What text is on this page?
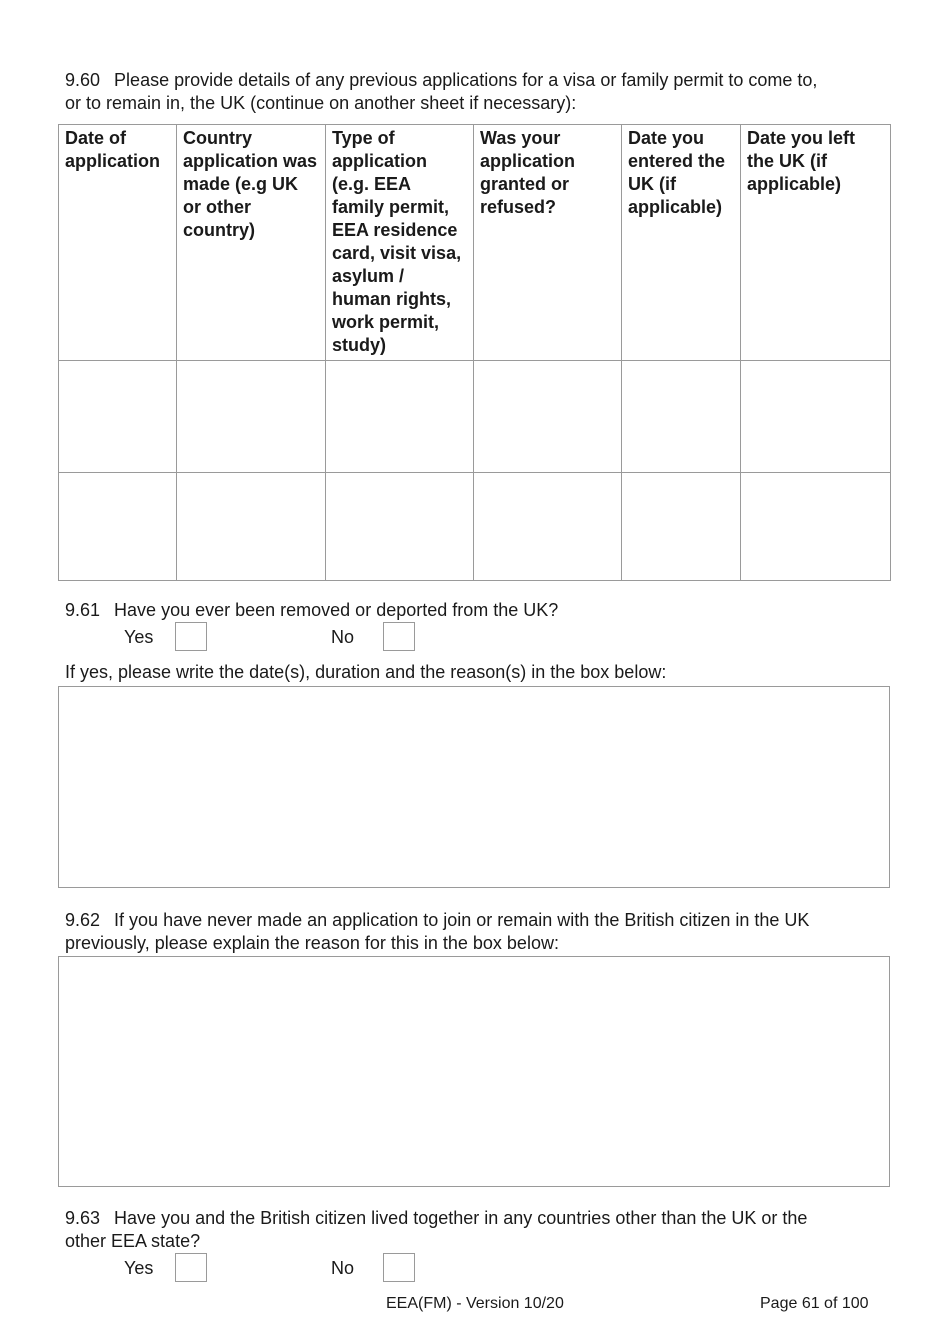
9.60 Please provide details of any previous applications for a visa or family permit to come to,
or to remain in, the UK (continue on another sheet if necessary):
Date of application	Country application was made (e.g UK or other country)	Type of application (e.g. EEA family permit, EEA residence card, visit visa, asylum / human rights, work permit, study)	Was your application granted or refused?	Date you entered the UK (if applicable)	Date you left the UK (if applicable)

9.61 Have you ever been removed or deported from the UK?
Yes	No
If yes, please write the date(s), duration and the reason(s) in the box below:
9.62 If you have never made an application to join or remain with the British citizen in the UK
previously, please explain the reason for this in the box below:
9.63 Have you and the British citizen lived together in any countries other than the UK or the
other EEA state?
Yes	No
EEA(FM) - Version 10/20	Page 61 of 100
